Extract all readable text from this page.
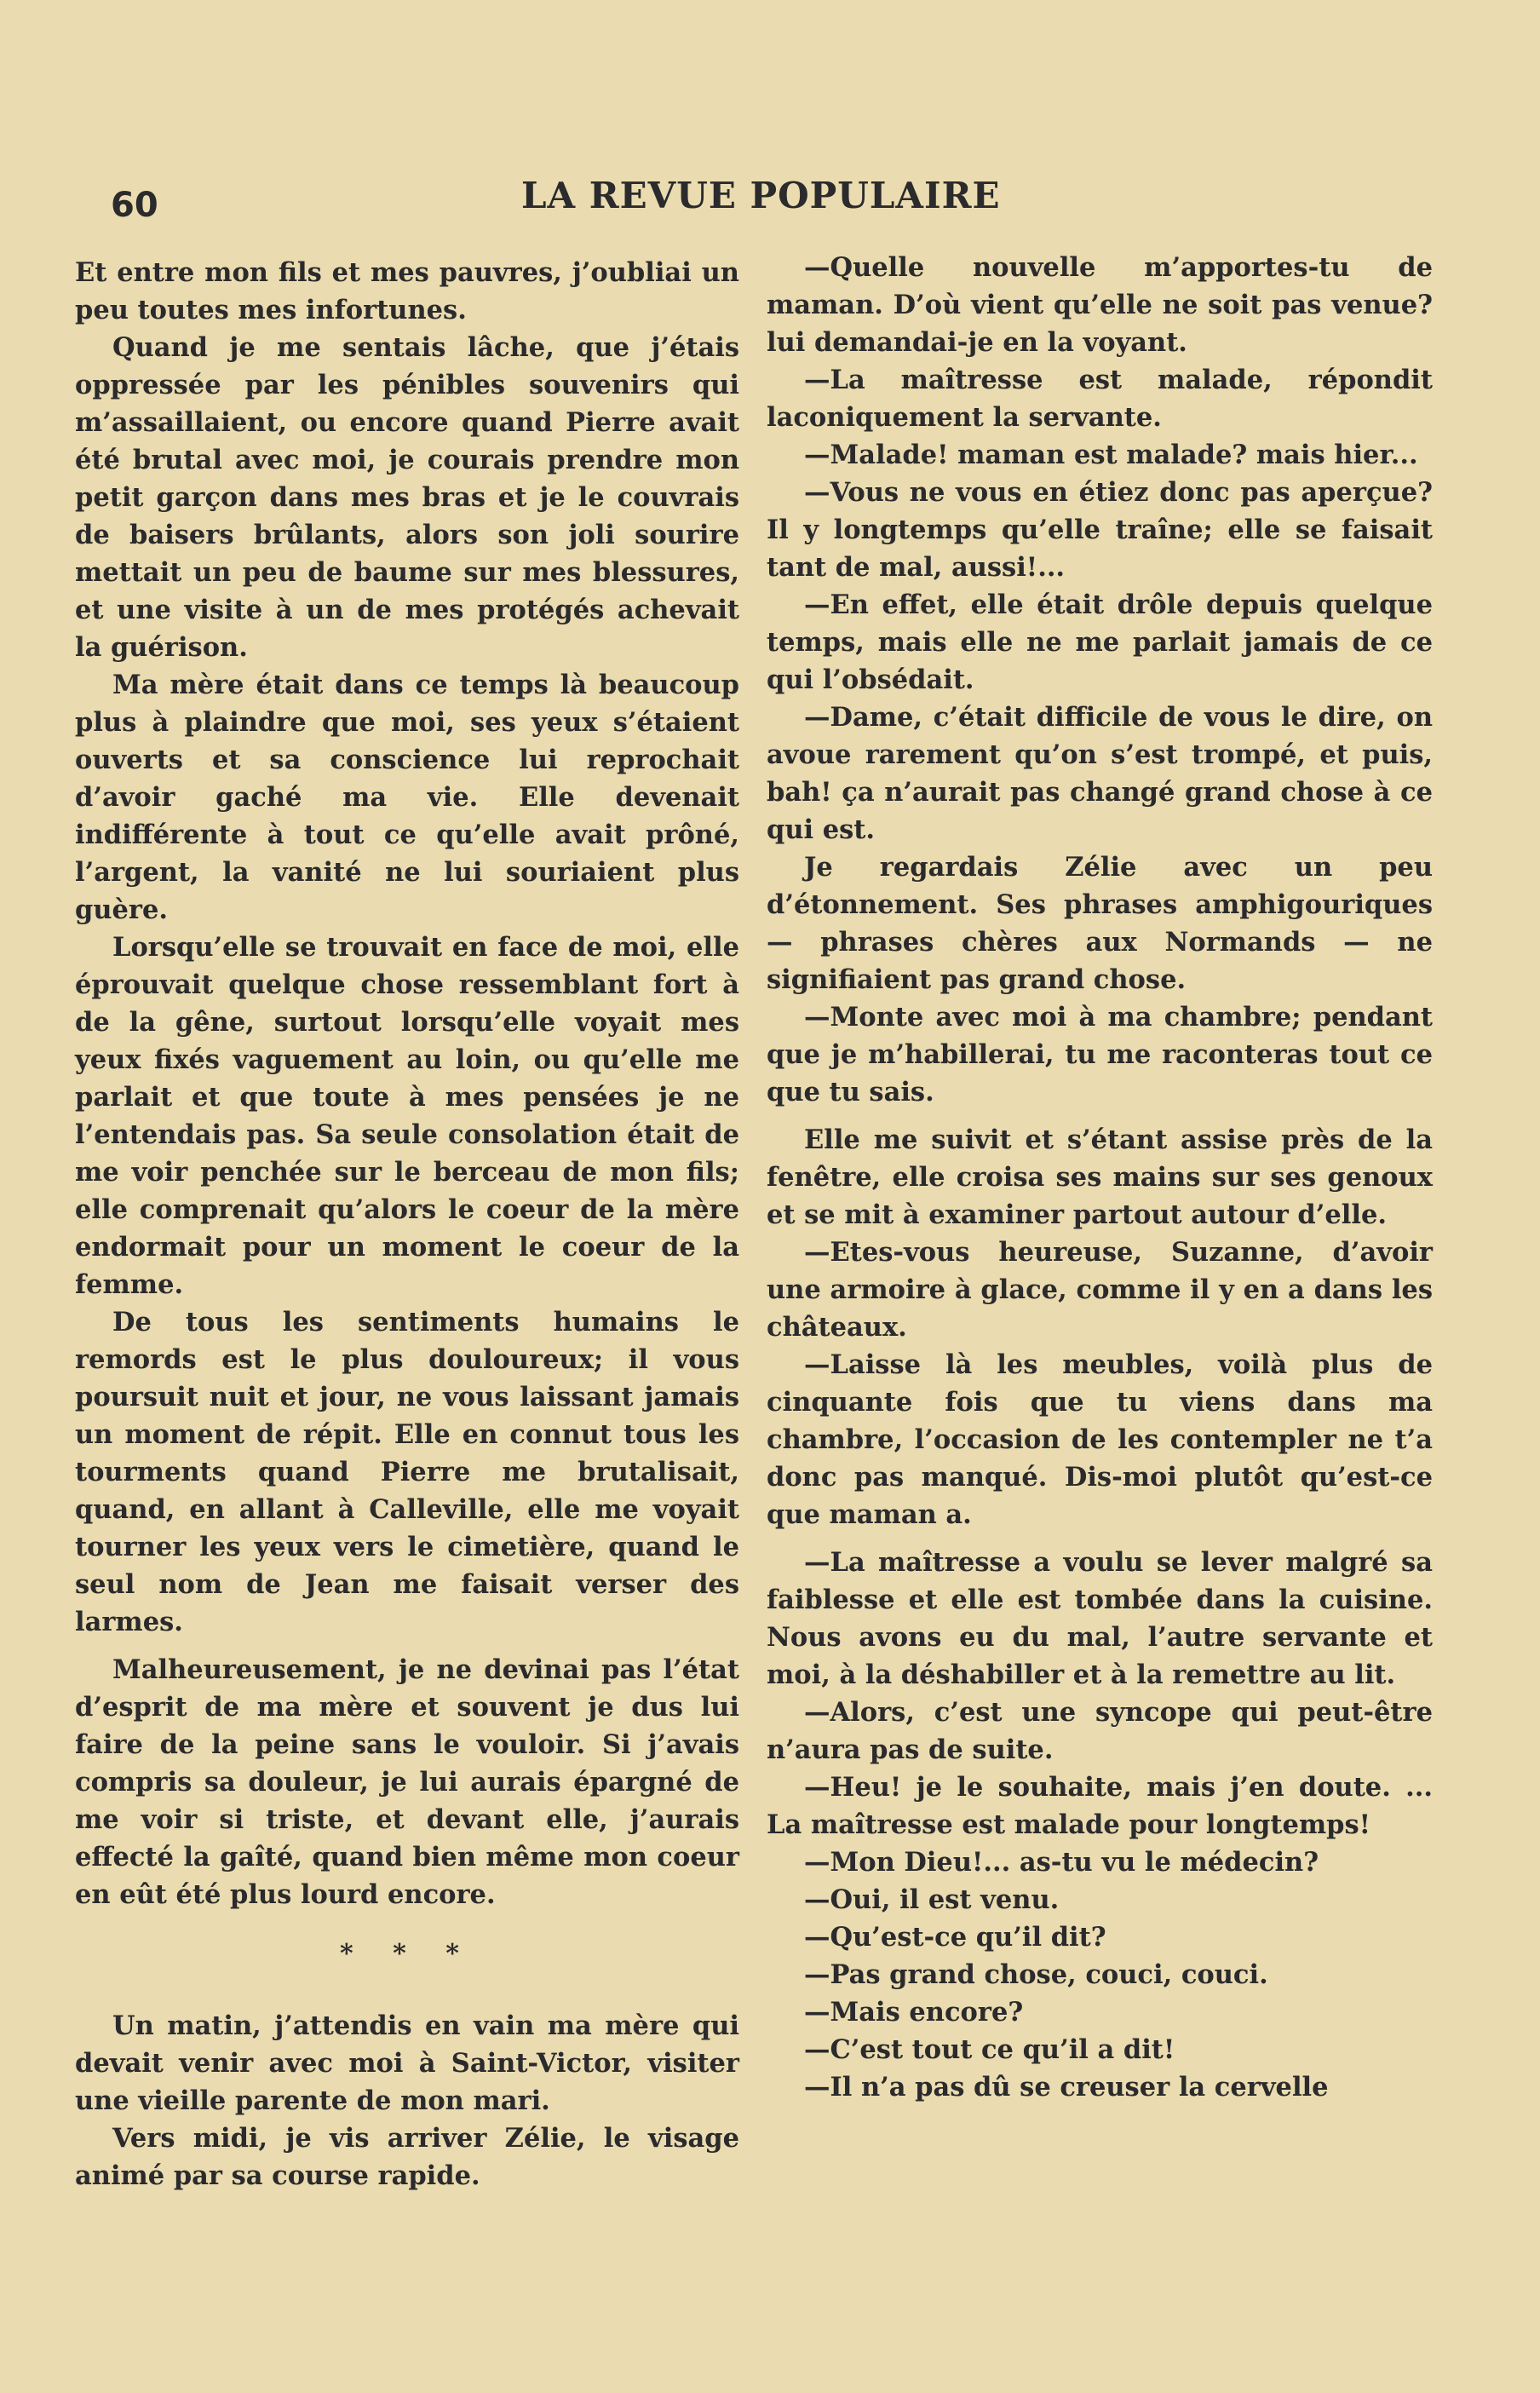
60	LA REVUE POPULAIRE

Et entre mon fils et mes pauvres, j’oubliai un peu toutes mes infortunes.

Quand je me sentais lâche, que j’étais oppressée par les pénibles souvenirs qui m’assaillaient, ou encore quand Pierre avait été brutal avec moi, je courais prendre mon petit garçon dans mes bras et je le couvrais de baisers brûlants, alors son joli sourire mettait un peu de baume sur mes blessures, et une visite à un de mes protégés achevait la guérison.

Ma mère était dans ce temps là beaucoup plus à plaindre que moi, ses yeux s’étaient ouverts et sa conscience lui reprochait d’avoir gaché ma vie. Elle devenait indifférente à tout ce qu’elle avait prôné, l’argent, la vanité ne lui souriaient plus guère.

Lorsqu’elle se trouvait en face de moi, elle éprouvait quelque chose ressemblant fort à de la gêne, surtout lorsqu’elle voyait mes yeux fixés vaguement au loin, ou qu’elle me parlait et que toute à mes pensées je ne l’entendais pas. Sa seule consolation était de me voir penchée sur le berceau de mon fils; elle comprenait qu’alors le coeur de la mère endormait pour un moment le coeur de la femme.

De tous les sentiments humains le remords est le plus douloureux; il vous poursuit nuit et jour, ne vous laissant jamais un moment de répit. Elle en connut tous les tourments quand Pierre me brutalisait, quand, en allant à Calleville, elle me voyait tourner les yeux vers le cimetière, quand le seul nom de Jean me faisait verser des larmes.

Malheureusement, je ne devinai pas l’état d’esprit de ma mère et souvent je dus lui faire de la peine sans le vouloir. Si j’avais compris sa douleur, je lui aurais épargné de me voir si triste, et devant elle, j’aurais effecté la gaîté, quand bien même mon coeur en eût été plus lourd encore.

* * *

Un matin, j’attendis en vain ma mère qui devait venir avec moi à Saint-Victor, visiter une vieille parente de mon mari.

Vers midi, je vis arriver Zélie, le visage animé par sa course rapide.

—Quelle nouvelle m’apportes-tu de maman. D’où vient qu’elle ne soit pas venue? lui demandai-je en la voyant.

—La maîtresse est malade, répondit laconiquement la servante.

—Malade! maman est malade? mais hier...

—Vous ne vous en étiez donc pas aperçue? Il y longtemps qu’elle traîne; elle se faisait tant de mal, aussi!...

—En effet, elle était drôle depuis quelque temps, mais elle ne me parlait jamais de ce qui l’obsédait.

—Dame, c’était difficile de vous le dire, on avoue rarement qu’on s’est trompé, et puis, bah! ça n’aurait pas changé grand chose à ce qui est.

Je regardais Zélie avec un peu d’étonnement. Ses phrases amphigouriques — phrases chères aux Normands — ne signifiaient pas grand chose.

—Monte avec moi à ma chambre; pendant que je m’habillerai, tu me raconteras tout ce que tu sais.

Elle me suivit et s’étant assise près de la fenêtre, elle croisa ses mains sur ses genoux et se mit à examiner partout autour d’elle.

—Etes-vous heureuse, Suzanne, d’avoir une armoire à glace, comme il y en a dans les châteaux.

—Laisse là les meubles, voilà plus de cinquante fois que tu viens dans ma chambre, l’occasion de les contempler ne t’a donc pas manqué. Dis-moi plutôt qu’est-ce que maman a.

—La maîtresse a voulu se lever malgré sa faiblesse et elle est tombée dans la cuisine. Nous avons eu du mal, l’autre servante et moi, à la déshabiller et à la remettre au lit.

—Alors, c’est une syncope qui peut-être n’aura pas de suite.

—Heu! je le souhaite, mais j’en doute. ... La maîtresse est malade pour longtemps!

—Mon Dieu!... as-tu vu le médecin?

—Oui, il est venu.

—Qu’est-ce qu’il dit?

—Pas grand chose, couci, couci.

—Mais encore?

—C’est tout ce qu’il a dit!

—Il n’a pas dû se creuser la cervelle
